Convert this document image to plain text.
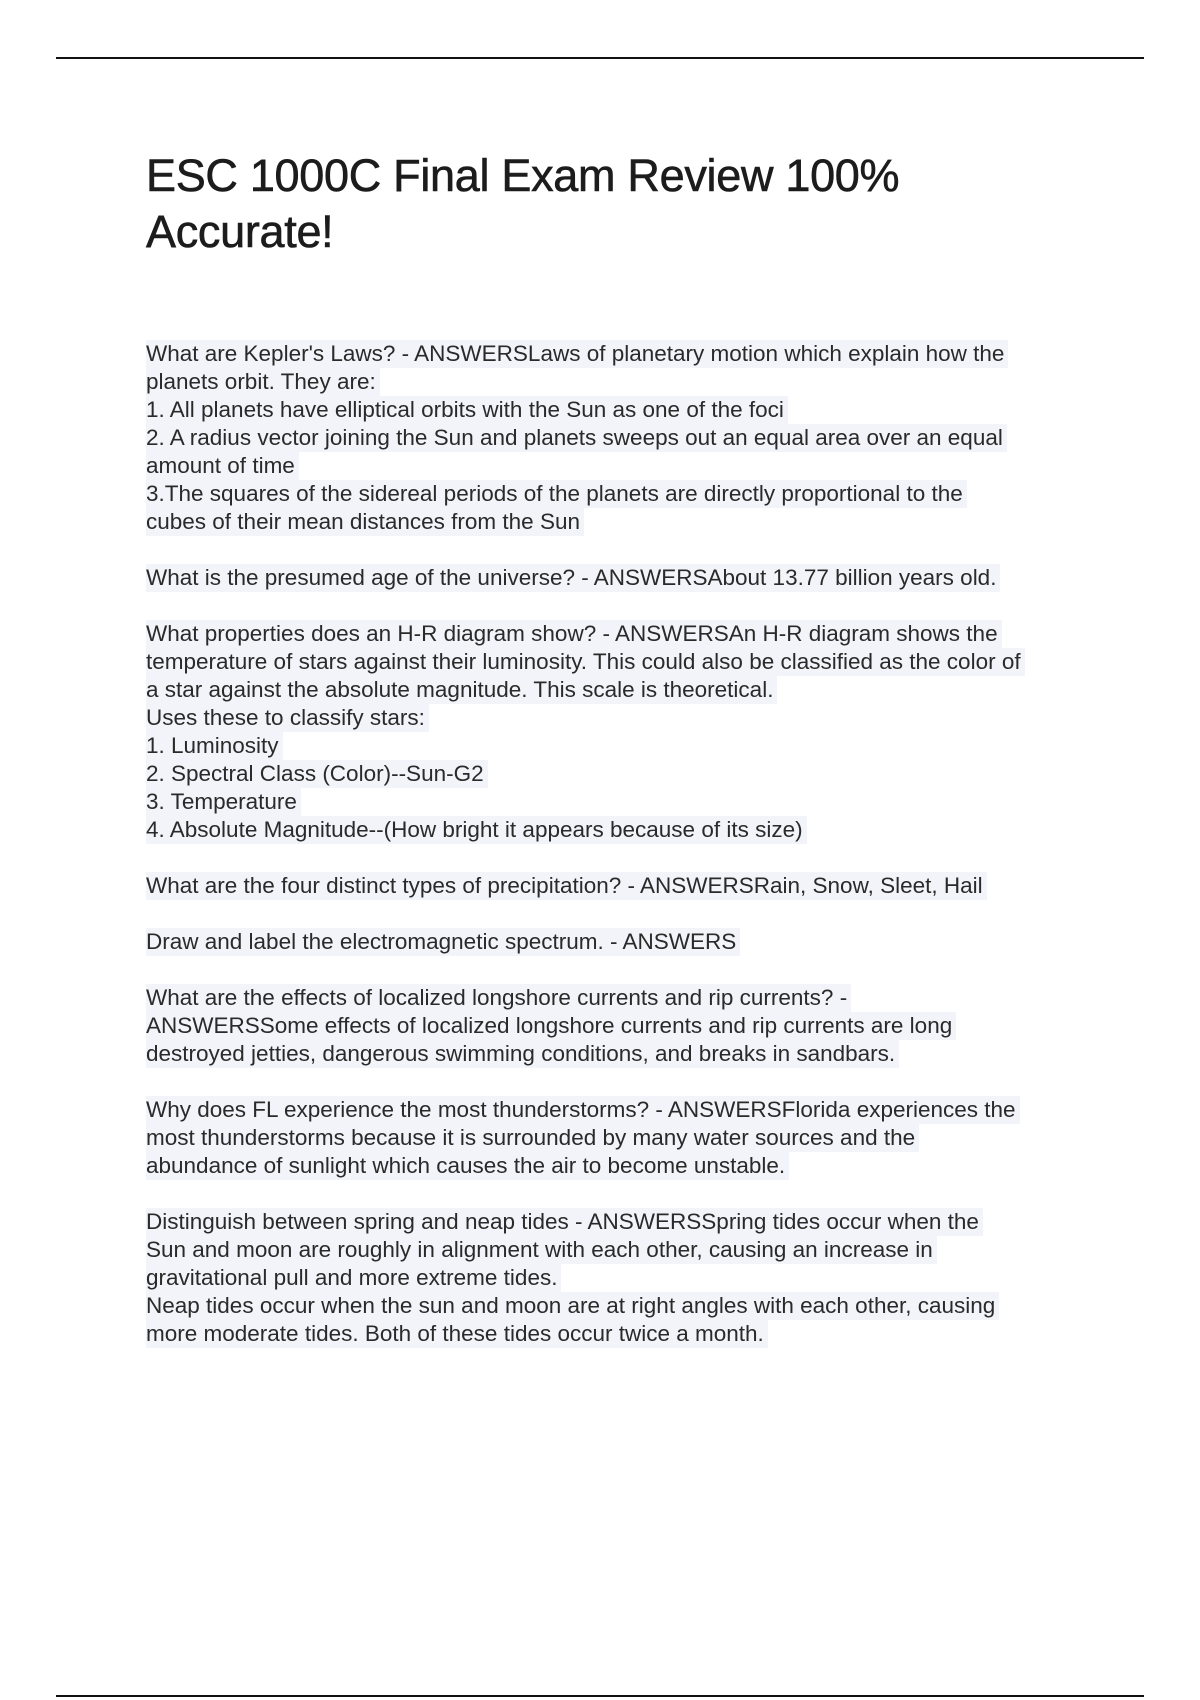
ESC 1000C Final Exam Review 100%
Accurate!
What are Kepler's Laws? - ANSWERSLaws of planetary motion which explain how the
planets orbit. They are:
1. All planets have elliptical orbits with the Sun as one of the foci
2. A radius vector joining the Sun and planets sweeps out an equal area over an equal
amount of time
3.The squares of the sidereal periods of the planets are directly proportional to the
cubes of their mean distances from the Sun
What is the presumed age of the universe? - ANSWERSAbout 13.77 billion years old.
What properties does an H-R diagram show? - ANSWERSAn H-R diagram shows the
temperature of stars against their luminosity. This could also be classified as the color of
a star against the absolute magnitude. This scale is theoretical.
Uses these to classify stars:
1. Luminosity
2. Spectral Class (Color)--Sun-G2
3. Temperature
4. Absolute Magnitude--(How bright it appears because of its size)
What are the four distinct types of precipitation? - ANSWERSRain, Snow, Sleet, Hail
Draw and label the electromagnetic spectrum. - ANSWERS
What are the effects of localized longshore currents and rip currents? -
ANSWERSSome effects of localized longshore currents and rip currents are long
destroyed jetties, dangerous swimming conditions, and breaks in sandbars.
Why does FL experience the most thunderstorms? - ANSWERSFlorida experiences the
most thunderstorms because it is surrounded by many water sources and the
abundance of sunlight which causes the air to become unstable.
Distinguish between spring and neap tides - ANSWERSSpring tides occur when the
Sun and moon are roughly in alignment with each other, causing an increase in
gravitational pull and more extreme tides.
Neap tides occur when the sun and moon are at right angles with each other, causing
more moderate tides. Both of these tides occur twice a month.
